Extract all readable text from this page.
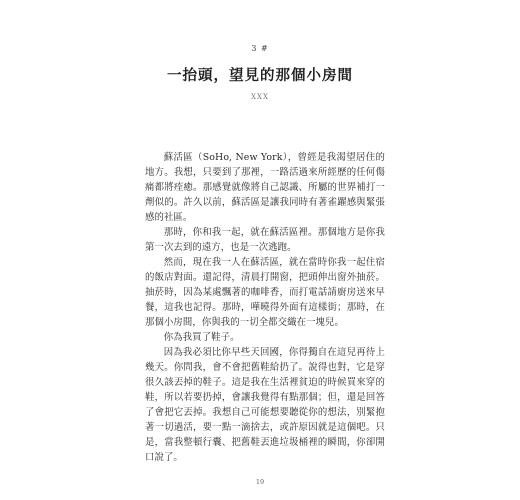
3 #
一抬頭，望見的那個小房間
XXX

蘇活區（SoHo, New York），曾經是我渴望居住的地方。我想，只要到了那裡，一路活過來所經歷的任何傷痛都將痊癒。那感覺就像將自己認識、所屬的世界補打一劑似的。許久以前，蘇活區是讓我同時有著雀躍感與緊張感的社區。

那時，你和我一起，就在蘇活區裡。那個地方是你我第一次去到的遠方，也是一次逃跑。

然而，現在我一人在蘇活區，就在當時你我一起住宿的飯店對面。還記得，清晨打開窗，把頭伸出窗外抽菸。抽菸時，因為某處飄著的咖啡香，而打電話請廚房送來早餐，這我也記得。那時，嘩曉得外面有這樣街；那時，在那個小房間，你與我的一切全都交織在一塊兒。

你為我買了鞋子。

因為我必須比你早些天回國，你得獨自在這兒再待上幾天。你問我，會不會把舊鞋給扔了。說得也對，它是穿很久該丟掉的鞋子。這是我在生活裡貧迫的時候買來穿的鞋，所以若要扔掉，會讓我覺得有點那個；但，還是回答了會把它丟掉。我想自己可能想要聽從你的想法，別緊抱著一切過活，要一點一滴捨去，或許原因就是這個吧。只是，當我整頓行囊、把舊鞋丟進垃圾桶裡的瞬間，你卻開口說了。

19
